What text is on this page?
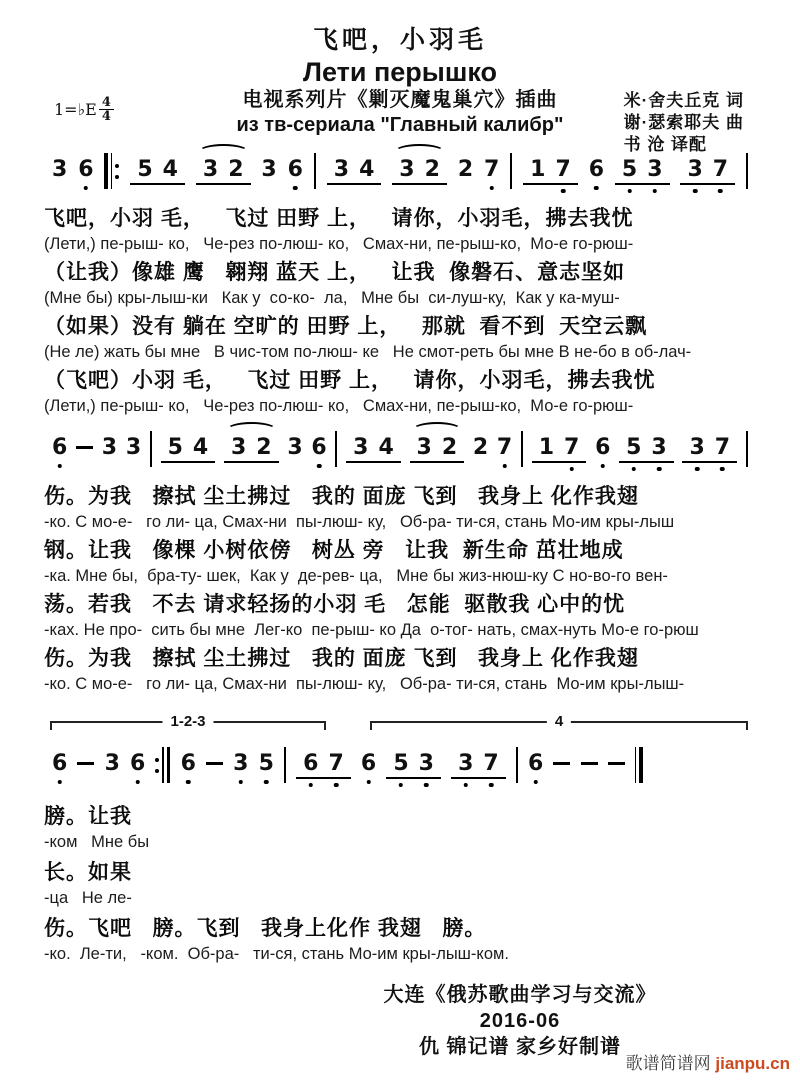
飞吧，小羽毛
Лети перышко
电视系列片《剿灭魔鬼巢穴》插曲
из тв-сериала "Главный калибр"
1=♭E $\frac{4}{4}$	米·舍夫丘克 词
谢·瑟索耶夫 曲
书 沧 译配
3 6 5 4 3 2 3 6 3 4 3 2 2 7 1 7 6 5 3 3 7
飞吧，小羽 毛，   飞过 田野 上，   请你，小羽毛，拂去我忧
(Лети,) пе-рыш- ко,   Че-рез по-люш- ко,   Смах-ни, пе-рыш-ко,  Мо-е го-рюш-
（让我）像雄 鹰   翱翔 蓝天 上，   让我  像磐石、意志坚如
(Мне бы) кры-лыш-ки   Как у  со-ко-  ла,   Мне бы  си-луш-ку,  Как у ка-муш-
（如果）没有 躺在 空旷的 田野 上，   那就  看不到  天空云飘
(Не ле) жать бы мне   В чис-том по-люш- ке   Не смот-реть бы мне В не-бо в об-лач-
（飞吧）小羽 毛，   飞过 田野 上，   请你，小羽毛，拂去我忧
(Лети,) пе-рыш- ко,   Че-рез по-люш- ко,   Смах-ни, пе-рыш-ко,  Мо-е го-рюш-
6 3 3 5 4 3 2 3 6 3 4 3 2 2 7 1 7 6 5 3 3 7
伤。为我   擦拭 尘土拂过   我的 面庞 飞到   我身上 化作我翅
-ко. С мо-е-   го ли- ца, Смах-ни  пы-люш- ку,   Об-ра- ти-ся, стань Мо-им кры-лыш
钢。让我   像棵 小树依傍   树丛 旁   让我  新生命 茁壮地成
-ка. Мне бы,  бра-ту- шек,  Как у  де-рев- ца,   Мне бы жиз-нюш-ку С но-во-го вен-
荡。若我   不去 请求轻扬的小羽 毛   怎能  驱散我 心中的忧
-ках. Не про-  сить бы мне  Лег-ко  пе-рыш- ко Да  о-тог- нать, смах-нуть Мо-е го-рюш
伤。为我   擦拭 尘土拂过   我的 面庞 飞到   我身上 化作我翅
-ко. С мо-е-   го ли- ца, Смах-ни  пы-люш- ку,   Об-ра- ти-ся, стань  Мо-им кры-лыш-
1-2-3	4
6 3 6 6 3 5 6 7 6 5 3 3 7 6
膀。让我
-ком   Мне бы
长。如果
-ца   Не ле-
伤。飞吧   膀。飞到   我身上化作 我翅   膀。
-ко.  Ле-ти,   -ком.  Об-ра-   ти-ся, стань Мо-им кры-лыш-ком.
大连《俄苏歌曲学习与交流》
2016-06
仇 锦记谱 家乡好制谱
歌谱简谱网 jianpu.cn
